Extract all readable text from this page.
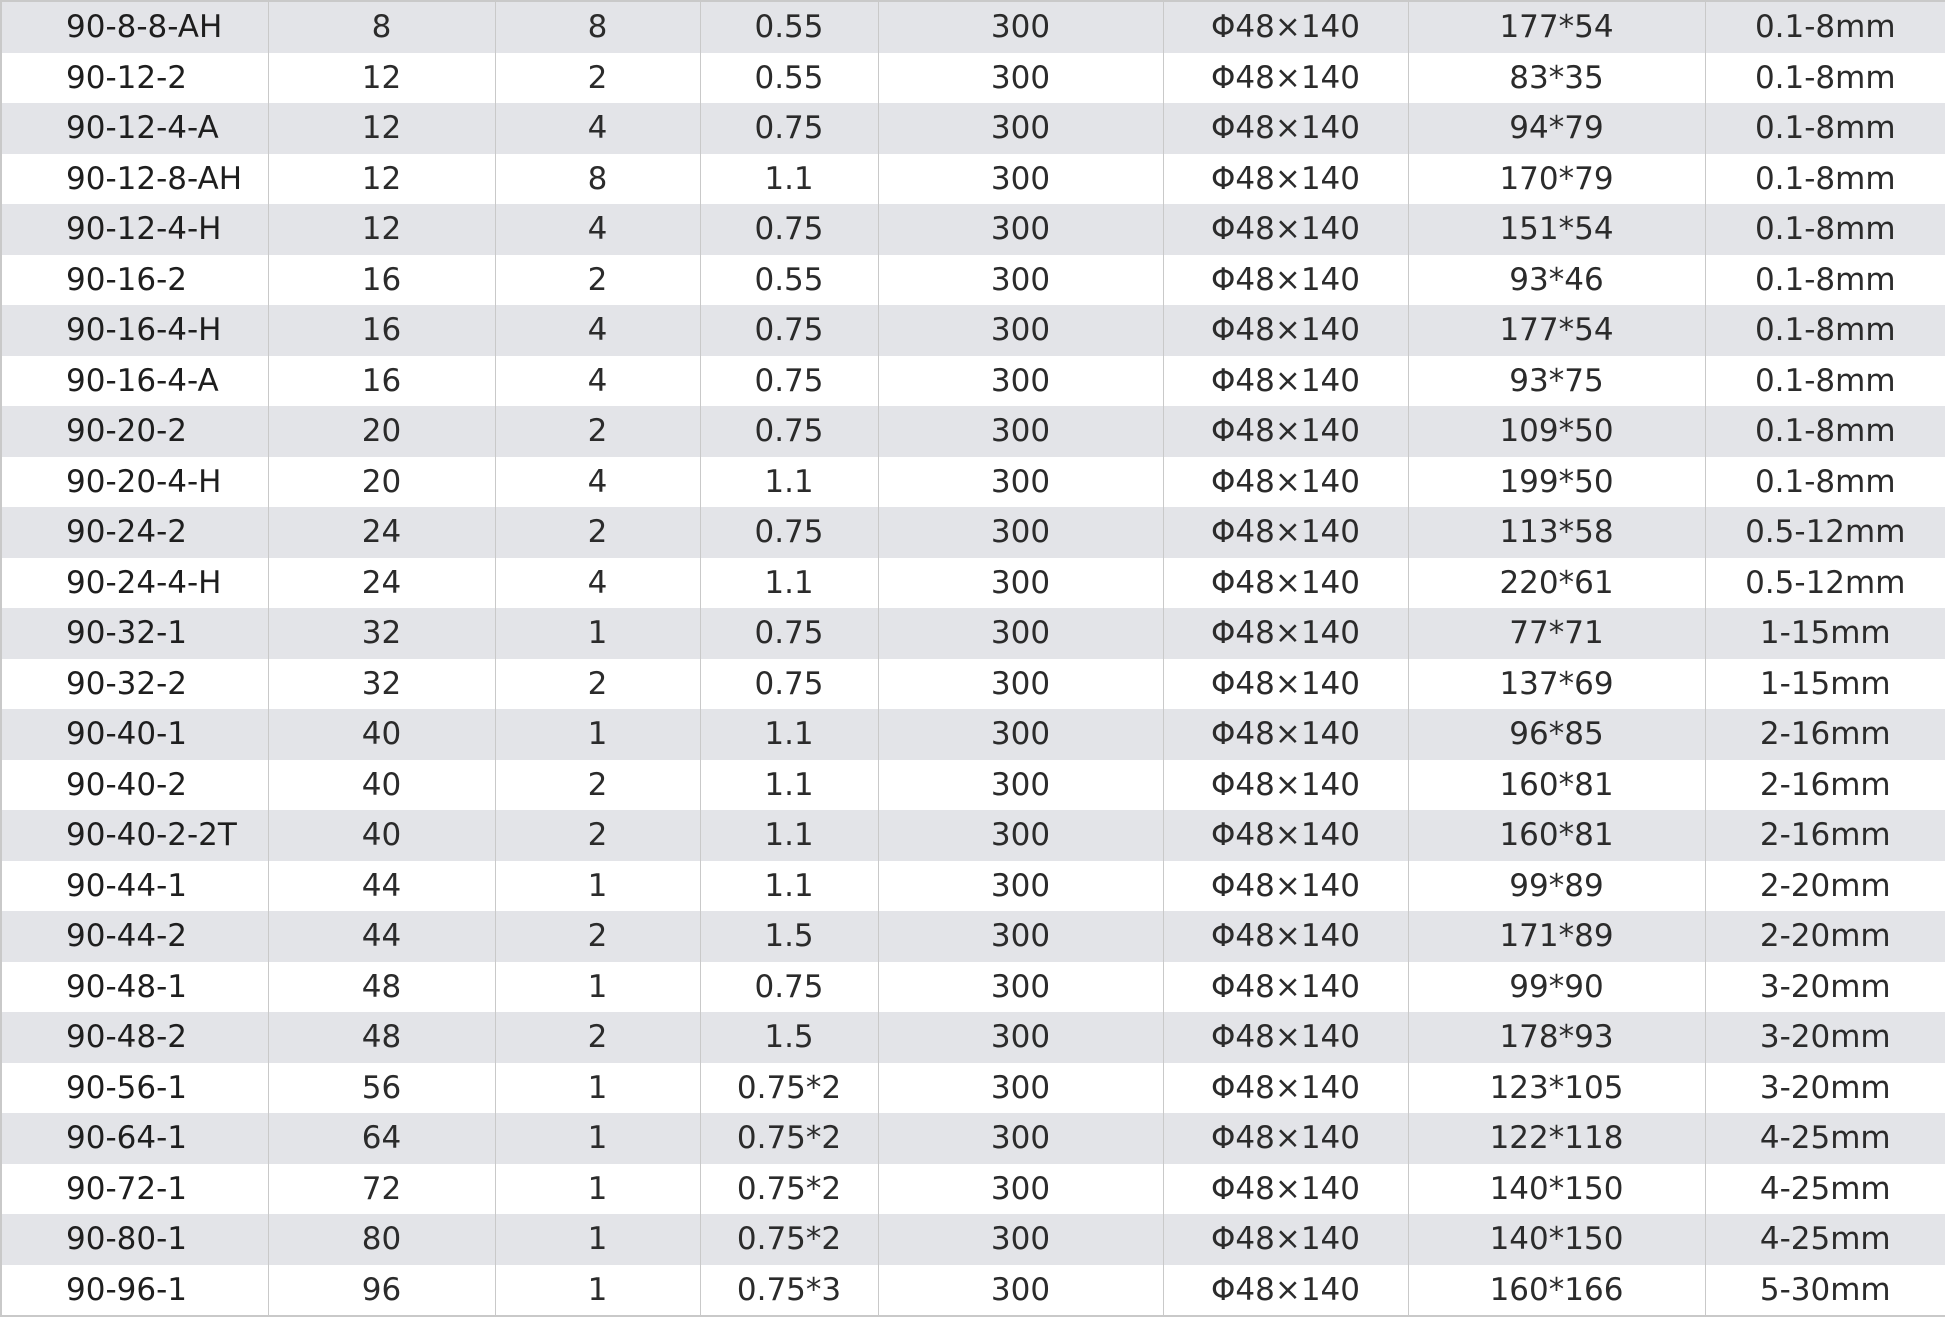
90-8-8-AH	8	8	0.55	300	Φ48×140	177*54	0.1-8mm
90-12-2	12	2	0.55	300	Φ48×140	83*35	0.1-8mm
90-12-4-A	12	4	0.75	300	Φ48×140	94*79	0.1-8mm
90-12-8-AH	12	8	1.1	300	Φ48×140	170*79	0.1-8mm
90-12-4-H	12	4	0.75	300	Φ48×140	151*54	0.1-8mm
90-16-2	16	2	0.55	300	Φ48×140	93*46	0.1-8mm
90-16-4-H	16	4	0.75	300	Φ48×140	177*54	0.1-8mm
90-16-4-A	16	4	0.75	300	Φ48×140	93*75	0.1-8mm
90-20-2	20	2	0.75	300	Φ48×140	109*50	0.1-8mm
90-20-4-H	20	4	1.1	300	Φ48×140	199*50	0.1-8mm
90-24-2	24	2	0.75	300	Φ48×140	113*58	0.5-12mm
90-24-4-H	24	4	1.1	300	Φ48×140	220*61	0.5-12mm
90-32-1	32	1	0.75	300	Φ48×140	77*71	1-15mm
90-32-2	32	2	0.75	300	Φ48×140	137*69	1-15mm
90-40-1	40	1	1.1	300	Φ48×140	96*85	2-16mm
90-40-2	40	2	1.1	300	Φ48×140	160*81	2-16mm
90-40-2-2T	40	2	1.1	300	Φ48×140	160*81	2-16mm
90-44-1	44	1	1.1	300	Φ48×140	99*89	2-20mm
90-44-2	44	2	1.5	300	Φ48×140	171*89	2-20mm
90-48-1	48	1	0.75	300	Φ48×140	99*90	3-20mm
90-48-2	48	2	1.5	300	Φ48×140	178*93	3-20mm
90-56-1	56	1	0.75*2	300	Φ48×140	123*105	3-20mm
90-64-1	64	1	0.75*2	300	Φ48×140	122*118	4-25mm
90-72-1	72	1	0.75*2	300	Φ48×140	140*150	4-25mm
90-80-1	80	1	0.75*2	300	Φ48×140	140*150	4-25mm
90-96-1	96	1	0.75*3	300	Φ48×140	160*166	5-30mm
